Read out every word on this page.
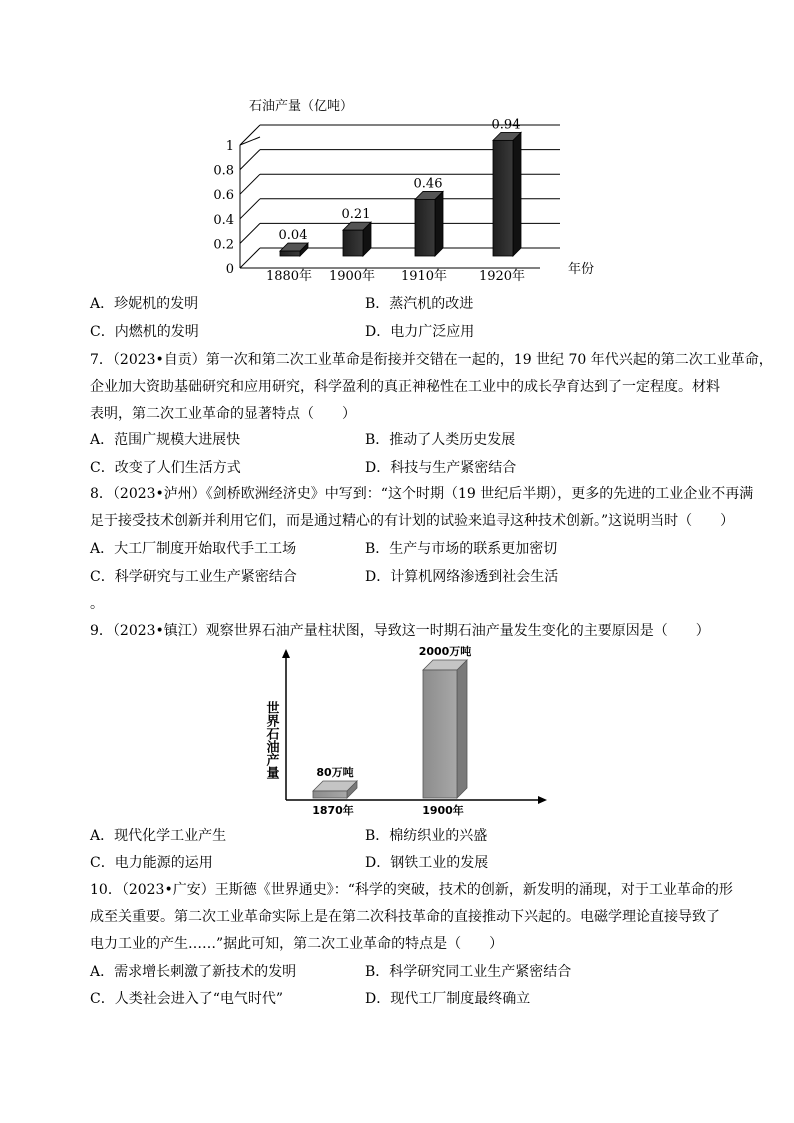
石油产量（亿吨）
年份
0
0.2
0.4
0.6
0.8
1
0.04
0.21
0.46
0.94
1880年 1900年 1910年 1920年
A．珍妮机的发明	B．蒸汽机的改进
C．内燃机的发明	D．电力广泛应用
7．（2023•自贡）第一次和第二次工业革命是衔接并交错在一起的，19 世纪 70 年代兴起的第二次工业革命，
企业加大资助基础研究和应用研究，科学盈利的真正神秘性在工业中的成长孕育达到了一定程度。材料
表明，第二次工业革命的显著特点（　　）
A．范围广规模大进展快	B．推动了人类历史发展
C．改变了人们生活方式	D．科技与生产紧密结合
8．（2023•泸州）《剑桥欧洲经济史》中写到：“这个时期（19 世纪后半期），更多的先进的工业企业不再满
足于接受技术创新并利用它们，而是通过精心的有计划的试验来追寻这种技术创新。”这说明当时（　　）
A．大工厂制度开始取代手工工场	B．生产与市场的联系更加密切
C．科学研究与工业生产紧密结合	D．计算机网络渗透到社会生活
。
9．（2023•镇江）观察世界石油产量柱状图，导致这一时期石油产量发生变化的主要原因是（　　）
世界石油产量	80万吨
2000万吨
1870年	1900年
A．现代化学工业产生	B．棉纺织业的兴盛
C．电力能源的运用	D．钢铁工业的发展
10．（2023•广安）王斯德《世界通史》：“科学的突破，技术的创新，新发明的涌现，对于工业革命的形
成至关重要。第二次工业革命实际上是在第二次科技革命的直接推动下兴起的。电磁学理论直接导致了
电力工业的产生……”据此可知，第二次工业革命的特点是（　　）
A．需求增长刺激了新技术的发明	B．科学研究同工业生产紧密结合
C．人类社会进入了“电气时代”	D．现代工厂制度最终确立
